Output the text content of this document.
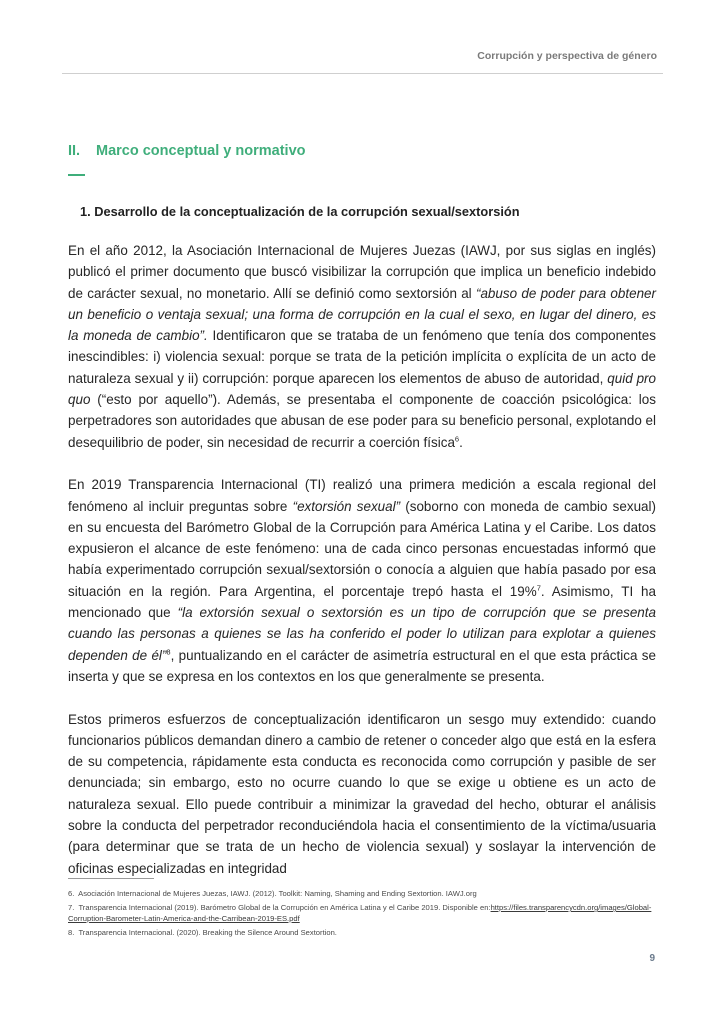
Corrupción y perspectiva de género
II. Marco conceptual y normativo
1. Desarrollo de la conceptualización de la corrupción sexual/sextorsión

En el año 2012, la Asociación Internacional de Mujeres Juezas (IAWJ, por sus siglas en inglés) publicó el primer documento que buscó visibilizar la corrupción que implica un beneficio indebido de carácter sexual, no monetario. Allí se definió como sextorsión al “abuso de poder para obtener un beneficio o ventaja sexual; una forma de corrupción en la cual el sexo, en lugar del dinero, es la moneda de cambio”. Identificaron que se trataba de un fenómeno que tenía dos componentes inescindibles: i) violencia sexual: porque se trata de la petición implícita o explícita de un acto de naturaleza sexual y ii) corrupción: porque aparecen los elementos de abuso de autoridad, quid pro quo (“esto por aquello”). Además, se presentaba el componente de coacción psicológica: los perpetradores son autoridades que abusan de ese poder para su beneficio personal, explotando el desequilibrio de poder, sin necesidad de recurrir a coerción física$^6$.

En 2019 Transparencia Internacional (TI) realizó una primera medición a escala regional del fenómeno al incluir preguntas sobre “extorsión sexual” (soborno con moneda de cambio sexual) en su encuesta del Barómetro Global de la Corrupción para América Latina y el Caribe. Los datos expusieron el alcance de este fenómeno: una de cada cinco personas encuestadas informó que había experimentado corrupción sexual/sextorsión o conocía a alguien que había pasado por esa situación en la región. Para Argentina, el porcentaje trepó hasta el 19%$^7$. Asimismo, TI ha mencionado que “la extorsión sexual o sextorsión es un tipo de corrupción que se presenta cuando las personas a quienes se las ha conferido el poder lo utilizan para explotar a quienes dependen de él”$^8$, puntualizando en el carácter de asimetría estructural en el que esta práctica se inserta y que se expresa en los contextos en los que generalmente se presenta.

Estos primeros esfuerzos de conceptualización identificaron un sesgo muy extendido: cuando funcionarios públicos demandan dinero a cambio de retener o conceder algo que está en la esfera de su competencia, rápidamente esta conducta es reconocida como corrupción y pasible de ser denunciada; sin embargo, esto no ocurre cuando lo que se exige u obtiene es un acto de naturaleza sexual. Ello puede contribuir a minimizar la gravedad del hecho, obturar el análisis sobre la conducta del perpetrador reconduciéndola hacia el consentimiento de la víctima/usuaria (para determinar que se trata de un hecho de violencia sexual) y soslayar la intervención de oficinas especializadas en integridad

6. Asociación Internacional de Mujeres Juezas, IAWJ. (2012). Toolkit: Naming, Shaming and Ending Sextortion. IAWJ.org
7. Transparencia Internacional (2019). Barómetro Global de la Corrupción en América Latina y el Caribe 2019. Disponible en:https://files.transparencycdn.org/images/Global-Corruption-Barometer-Latin-America-and-the-Carribean-2019-ES.pdf
8. Transparencia Internacional. (2020). Breaking the Silence Around Sextortion.
9
